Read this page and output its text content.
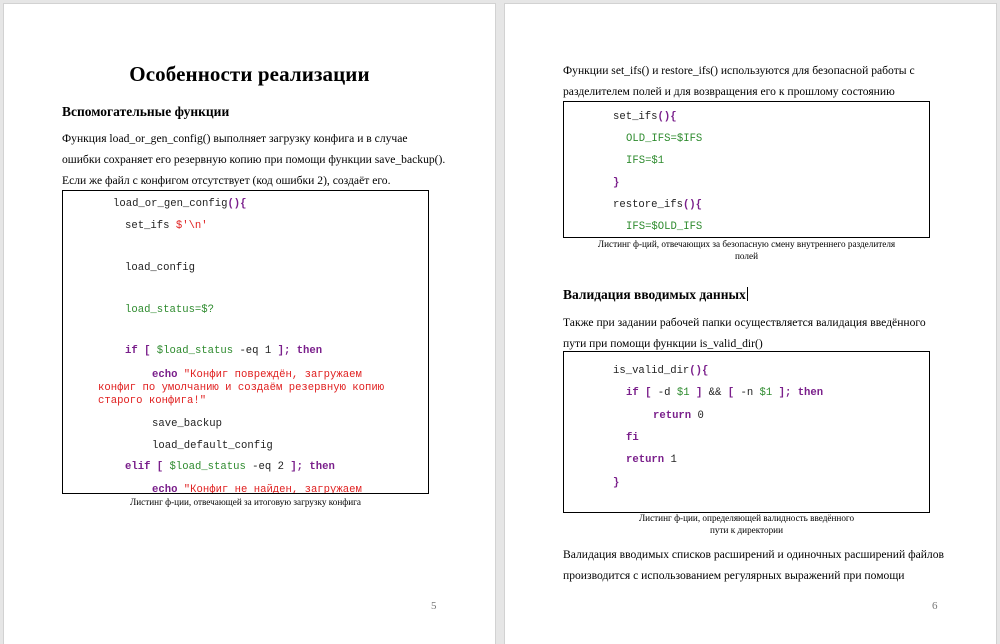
Особенности реализации
Вспомогательные функции
Функция load_or_gen_config() выполняет загрузку конфига и в случае
ошибки сохраняет его резервную копию при помощи функции save_backup().
Если же файл с конфигом отсутствует (код ошибки 2), создаёт его.
load_or_gen_config(){
set_ifs $'\n'
load_config
load_status=$?
if [ $load_status -eq 1 ]; then
echo "Конфиг повреждён, загружаем
конфиг по умолчанию и создаём резервную копию
старого конфига!"
save_backup
load_default_config
elif [ $load_status -eq 2 ]; then
echo "Конфиг не найден, загружаем
Листинг ф-ции, отвечающей за итоговую загрузку конфига
5
Функции set_ifs() и restore_ifs() используются для безопасной работы с
разделителем полей и для возвращения его к прошлому состоянию
set_ifs(){
OLD_IFS=$IFS
IFS=$1
}
restore_ifs(){
IFS=$OLD_IFS
Листинг ф-ций, отвечающих за безопасную смену внутреннего разделителя
полей
Валидация вводимых данных
Также при задании рабочей папки осуществляется валидация введённого
пути при помощи функции is_valid_dir()
is_valid_dir(){
if [ -d $1 ] && [ -n $1 ]; then
return 0
fi
return 1
}
Листинг ф-ции, определяющей валидность введённого
пути к директории
Валидация вводимых списков расширений и одиночных расширений файлов
производится с использованием регулярных выражений при помощи
6
